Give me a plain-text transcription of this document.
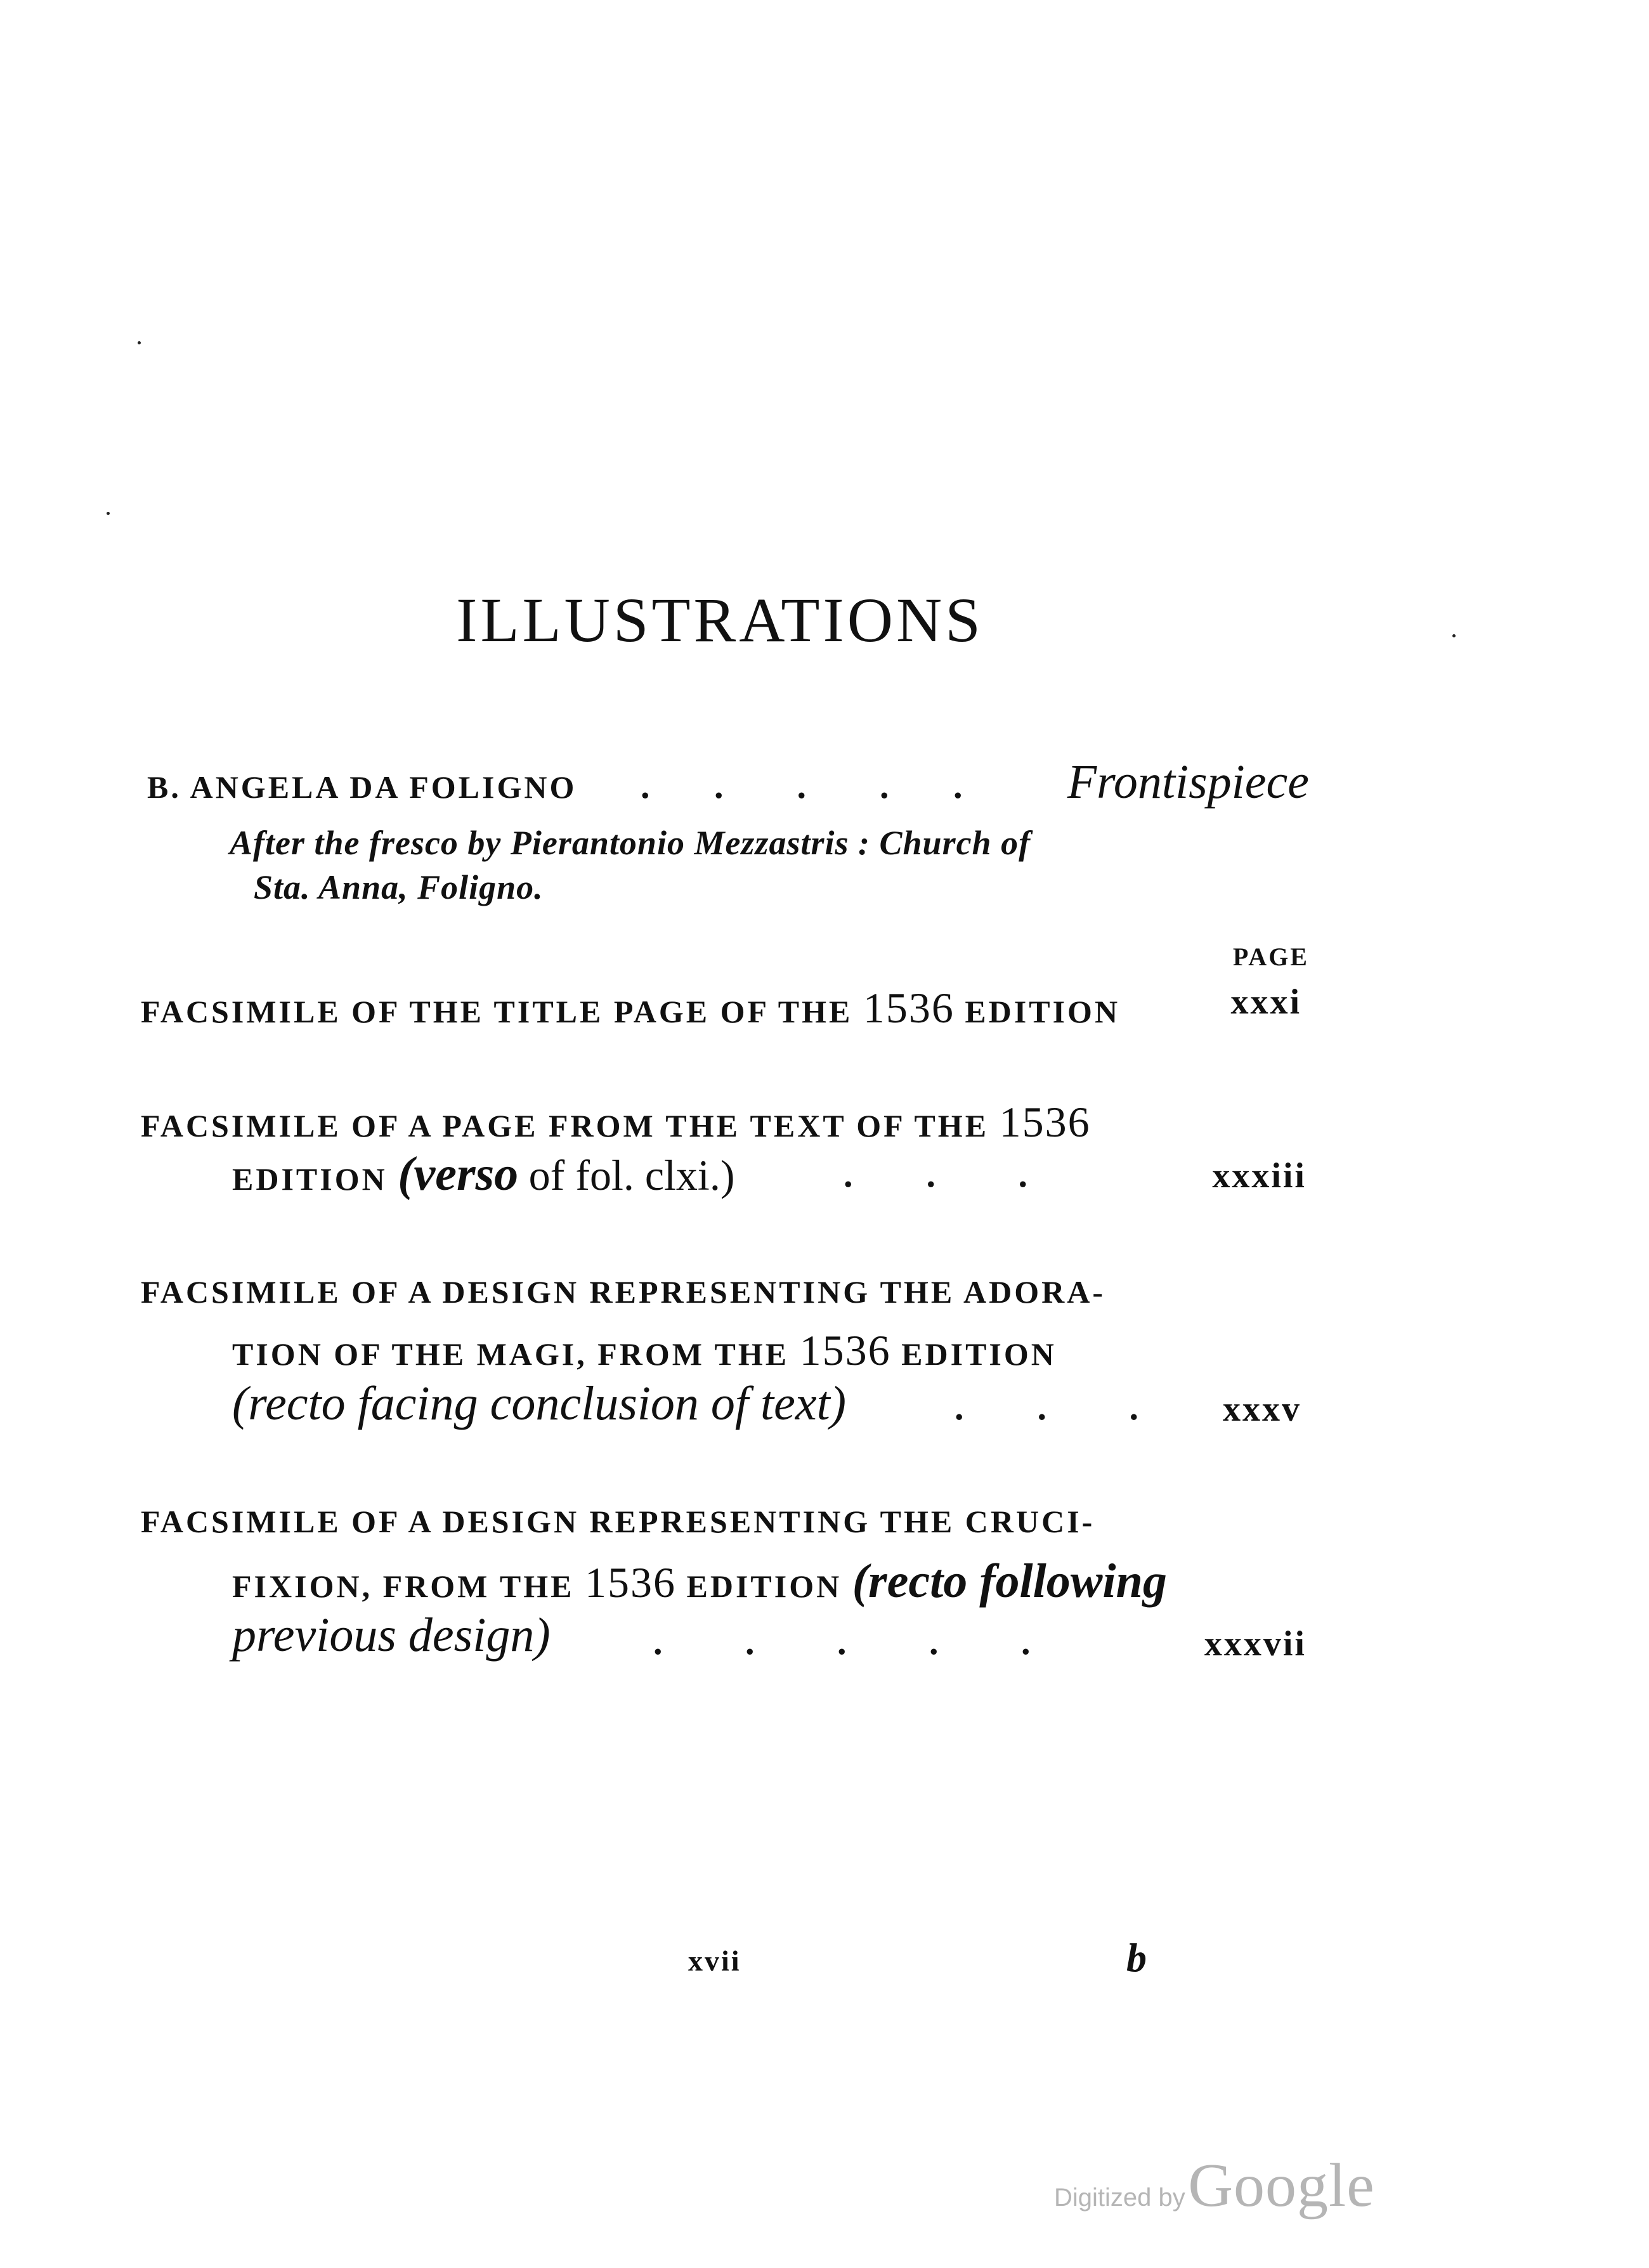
ILLUSTRATIONS
B. ANGELA DA FOLIGNO .       .        .        .       . Frontispiece
After the fresco by Pierantonio Mezzastris : Church of
Sta. Anna, Foligno.
PAGE
FACSIMILE OF THE TITLE PAGE OF THE 1536 EDITION	xxxi
FACSIMILE OF A PAGE FROM THE TEXT OF THE 1536
EDITION (verso of fol. clxi.)	.        .         .	xxxiii
FACSIMILE OF A DESIGN REPRESENTING THE ADORA-
TION OF THE MAGI, FROM THE 1536 EDITION
(recto facing conclusion of text)	.        .         . xxxv
FACSIMILE OF A DESIGN REPRESENTING THE CRUCI-
FIXION, FROM THE 1536 EDITION (recto following
previous design)	.         .         .         .         .	xxxvii
xvii	b
Digitized by Google
